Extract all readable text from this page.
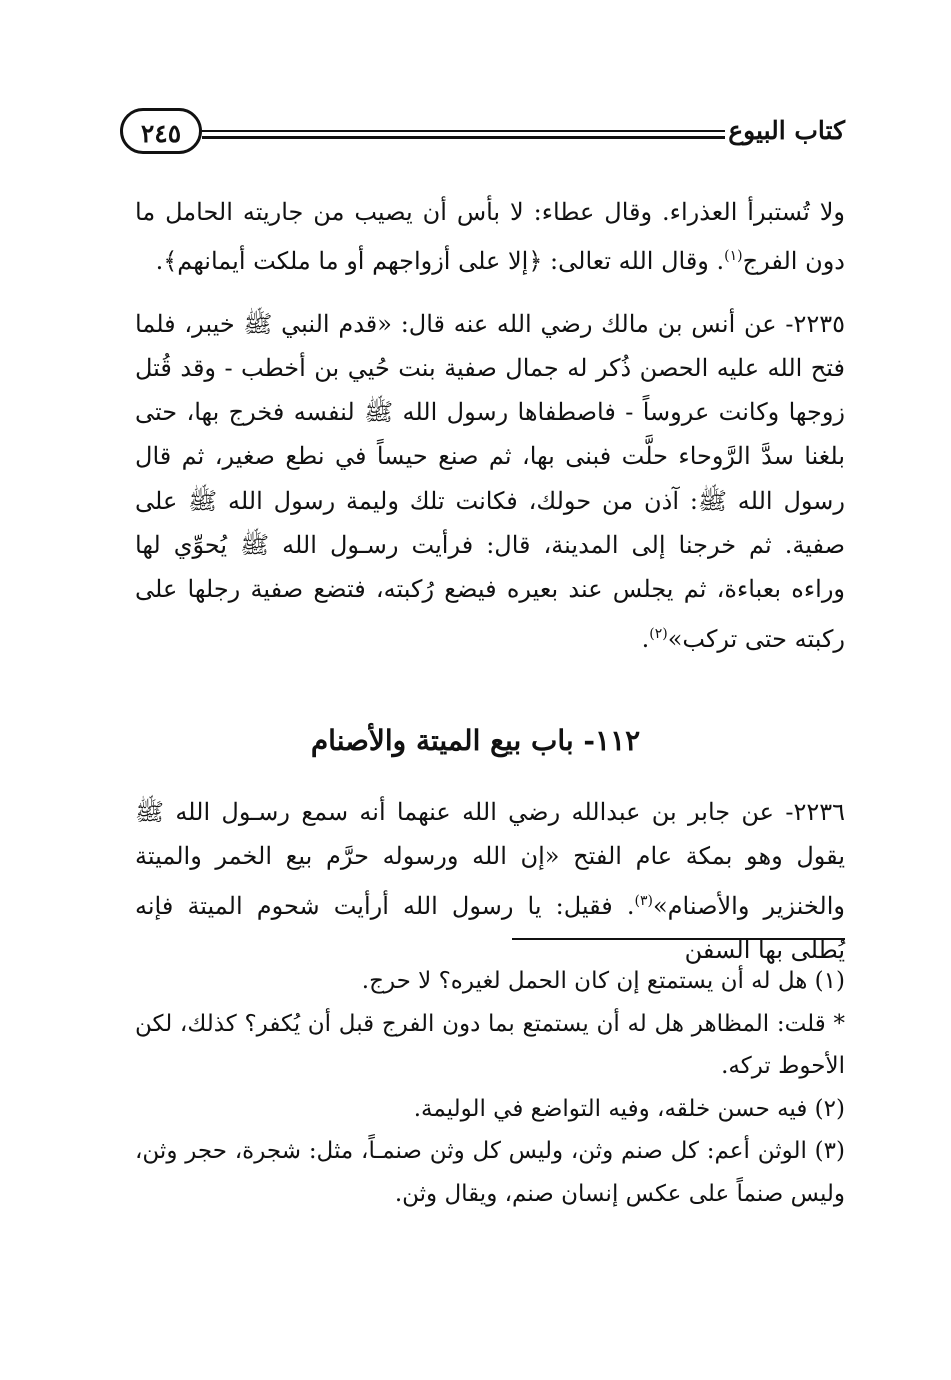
كتاب البيوع
٢٤٥

ولا تُستبرأ العذراء. وقال عطاء: لا بأس أن يصيب من جاريته الحامل ما دون الفرج$^{(١)}$. وقال الله تعالى: ﴿إلا على أزواجهم أو ما ملكت أيمانهم﴾.

٢٢٣٥- عن أنس بن مالك رضي الله عنه قال: «قدم النبي ﷺ خيبر، فلما فتح الله عليه الحصن ذُكر له جمال صفية بنت حُيي بن أخطب - وقد قُتل زوجها وكانت عروساً - فاصطفاها رسول الله ﷺ لنفسه فخرج بها، حتى بلغنا سدَّ الرَّوحاء حلَّت فبنى بها، ثم صنع حيساً في نطع صغير، ثم قال رسول الله ﷺ: آذن من حولك، فكانت تلك وليمة رسول الله ﷺ على صفية. ثم خرجنا إلى المدينة، قال: فرأيت رسـول الله ﷺ يُحوِّي لها وراءه بعباءة، ثم يجلس عند بعيره فيضع رُكبته، فتضع صفية رجلها على ركبته حتى تركب»$^{(٢)}$.

١١٢- باب بيع الميتة والأصنام

٢٢٣٦- عن جابر بن عبدالله رضي الله عنهما أنه سمع رسـول الله ﷺ يقول وهو بمكة عام الفتح «إن الله ورسوله حرَّم بيع الخمر والميتة والخنزير والأصنام»$^{(٣)}$. فقيل: يا رسول الله أرأيت شحوم الميتة فإنه يُطلى بها السفن

(١) هل له أن يستمتع إن كان الحمل لغيره؟ لا حرج.

* قلت: المظاهر هل له أن يستمتع بما دون الفرج قبل أن يُكفر؟ كذلك، لكن الأحوط تركه.

(٢) فيه حسن خلقه، وفيه التواضع في الوليمة.

(٣) الوثن أعم: كل صنم وثن، وليس كل وثن صنمـاً، مثل: شجرة، حجر وثن، وليس صنماً على عكس إنسان صنم، ويقال وثن.
